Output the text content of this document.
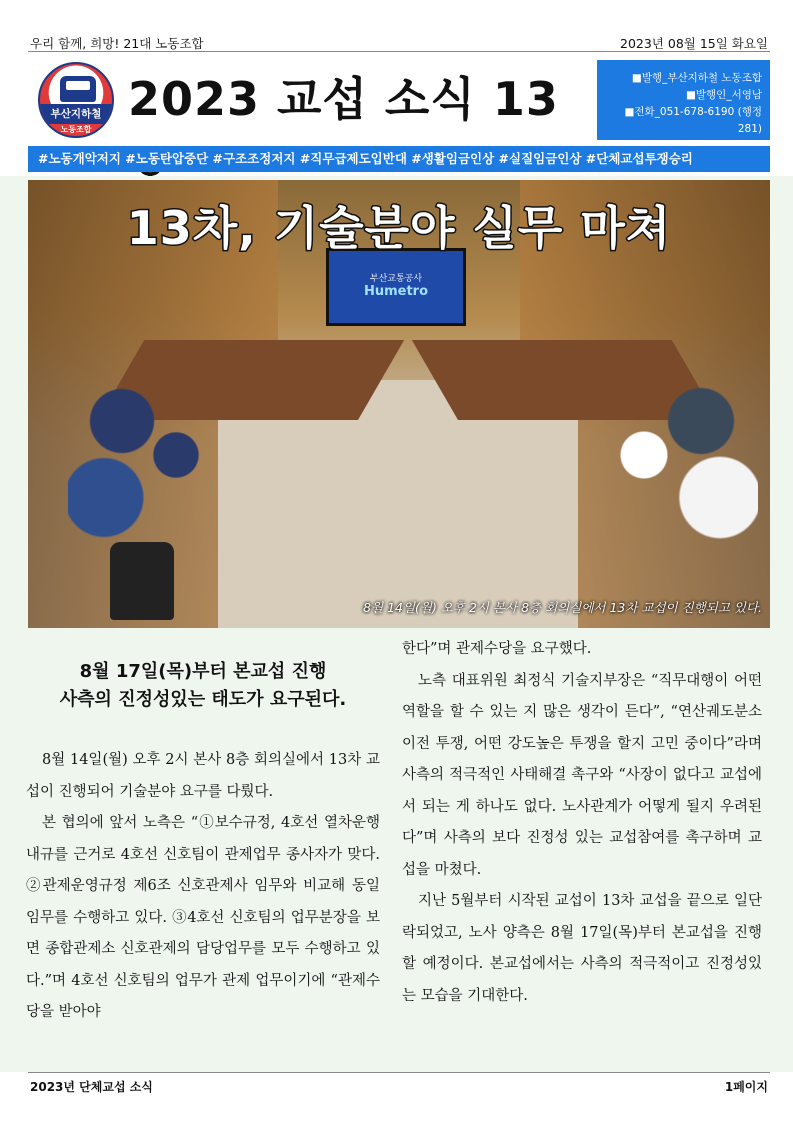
우리 함께, 희망! 21대 노동조합	2023년 08월 15일 화요일
부산지하철
노동조합
2023 교섭 소식 13	■발행_부산지하철 노동조합
■발행인_서영남
■전화_051-678-6190 (행정281)
#노동개악저지 #노동탄압중단 #구조조정저지 #직무급제도입반대 #생활임금인상 #실질임금인상 #단체교섭투쟁승리
부산교통공사
Humetro
13차, 기술분야 실무 마쳐
8월 14일(월) 오후 2시 본사 8층 회의실에서 13차 교섭이 진행되고 있다.
8월 17일(목)부터 본교섭 진행
사측의 진정성있는 태도가 요구된다.

8월 14일(월) 오후 2시 본사 8층 회의실에서 13차 교섭이 진행되어 기술분야 요구를 다뤘다.

본 협의에 앞서 노측은 “①보수규정, 4호선 열차운행내규를 근거로 4호선 신호팀이 관제업무 종사자가 맞다. ②관제운영규정 제6조 신호관제사 임무와 비교해 동일임무를 수행하고 있다. ③4호선 신호팀의 업무분장을 보면 종합관제소 신호관제의 담당업무를 모두 수행하고 있다.”며 4호선 신호팀의 업무가 관제 업무이기에 “관제수당을 받아야

한다”며 관제수당을 요구했다.

노측 대표위원 최정식 기술지부장은 “직무대행이 어떤 역할을 할 수 있는 지 많은 생각이 든다”, “연산궤도분소 이전 투쟁, 어떤 강도높은 투쟁을 할지 고민 중이다”라며 사측의 적극적인 사태해결 촉구와 “사장이 없다고 교섭에서 되는 게 하나도 없다. 노사관계가 어떻게 될지 우려된다”며 사측의 보다 진정성 있는 교섭참여를 촉구하며 교섭을 마쳤다.

지난 5월부터 시작된 교섭이 13차 교섭을 끝으로 일단락되었고, 노사 양측은 8월 17일(목)부터 본교섭을 진행할 예정이다. 본교섭에서는 사측의 적극적이고 진정성있는 모습을 기대한다.

2023년 단체교섭 소식	1페이지
